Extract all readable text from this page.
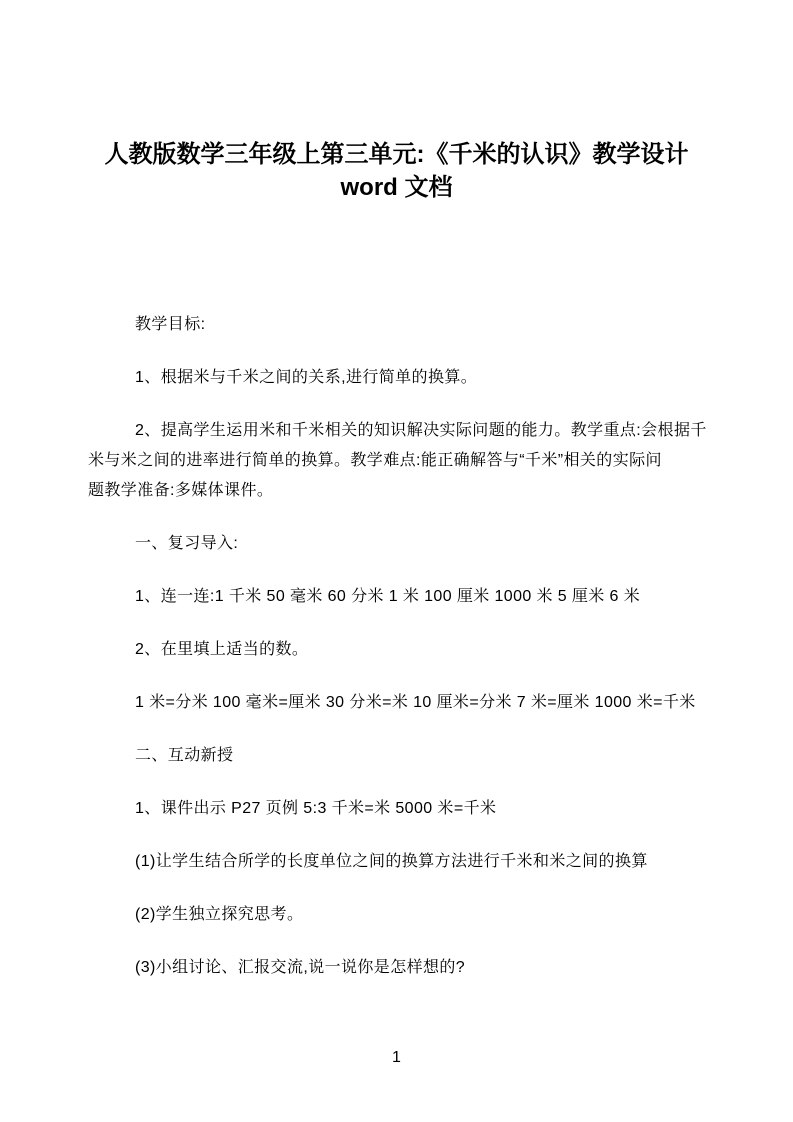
人教版数学三年级上第三单元:《千米的认识》教学设计
word 文档
教学目标:
1、根据米与千米之间的关系,进行简单的换算。
2、提高学生运用米和千米相关的知识解决实际问题的能力。教学重点:会根据千
米与米之间的进率进行简单的换算。教学难点:能正确解答与“千米”相关的实际问
题教学准备:多媒体课件。
一、复习导入:
1、连一连:1 千米 50 毫米 60 分米 1 米 100 厘米 1000 米 5 厘米 6 米
2、在里填上适当的数。
1 米=分米 100 毫米=厘米 30 分米=米 10 厘米=分米 7 米=厘米 1000 米=千米
二、互动新授
1、课件出示 P27 页例 5:3 千米=米 5000 米=千米
(1)让学生结合所学的长度单位之间的换算方法进行千米和米之间的换算
(2)学生独立探究思考。
(3)小组讨论、汇报交流,说一说你是怎样想的?
1
